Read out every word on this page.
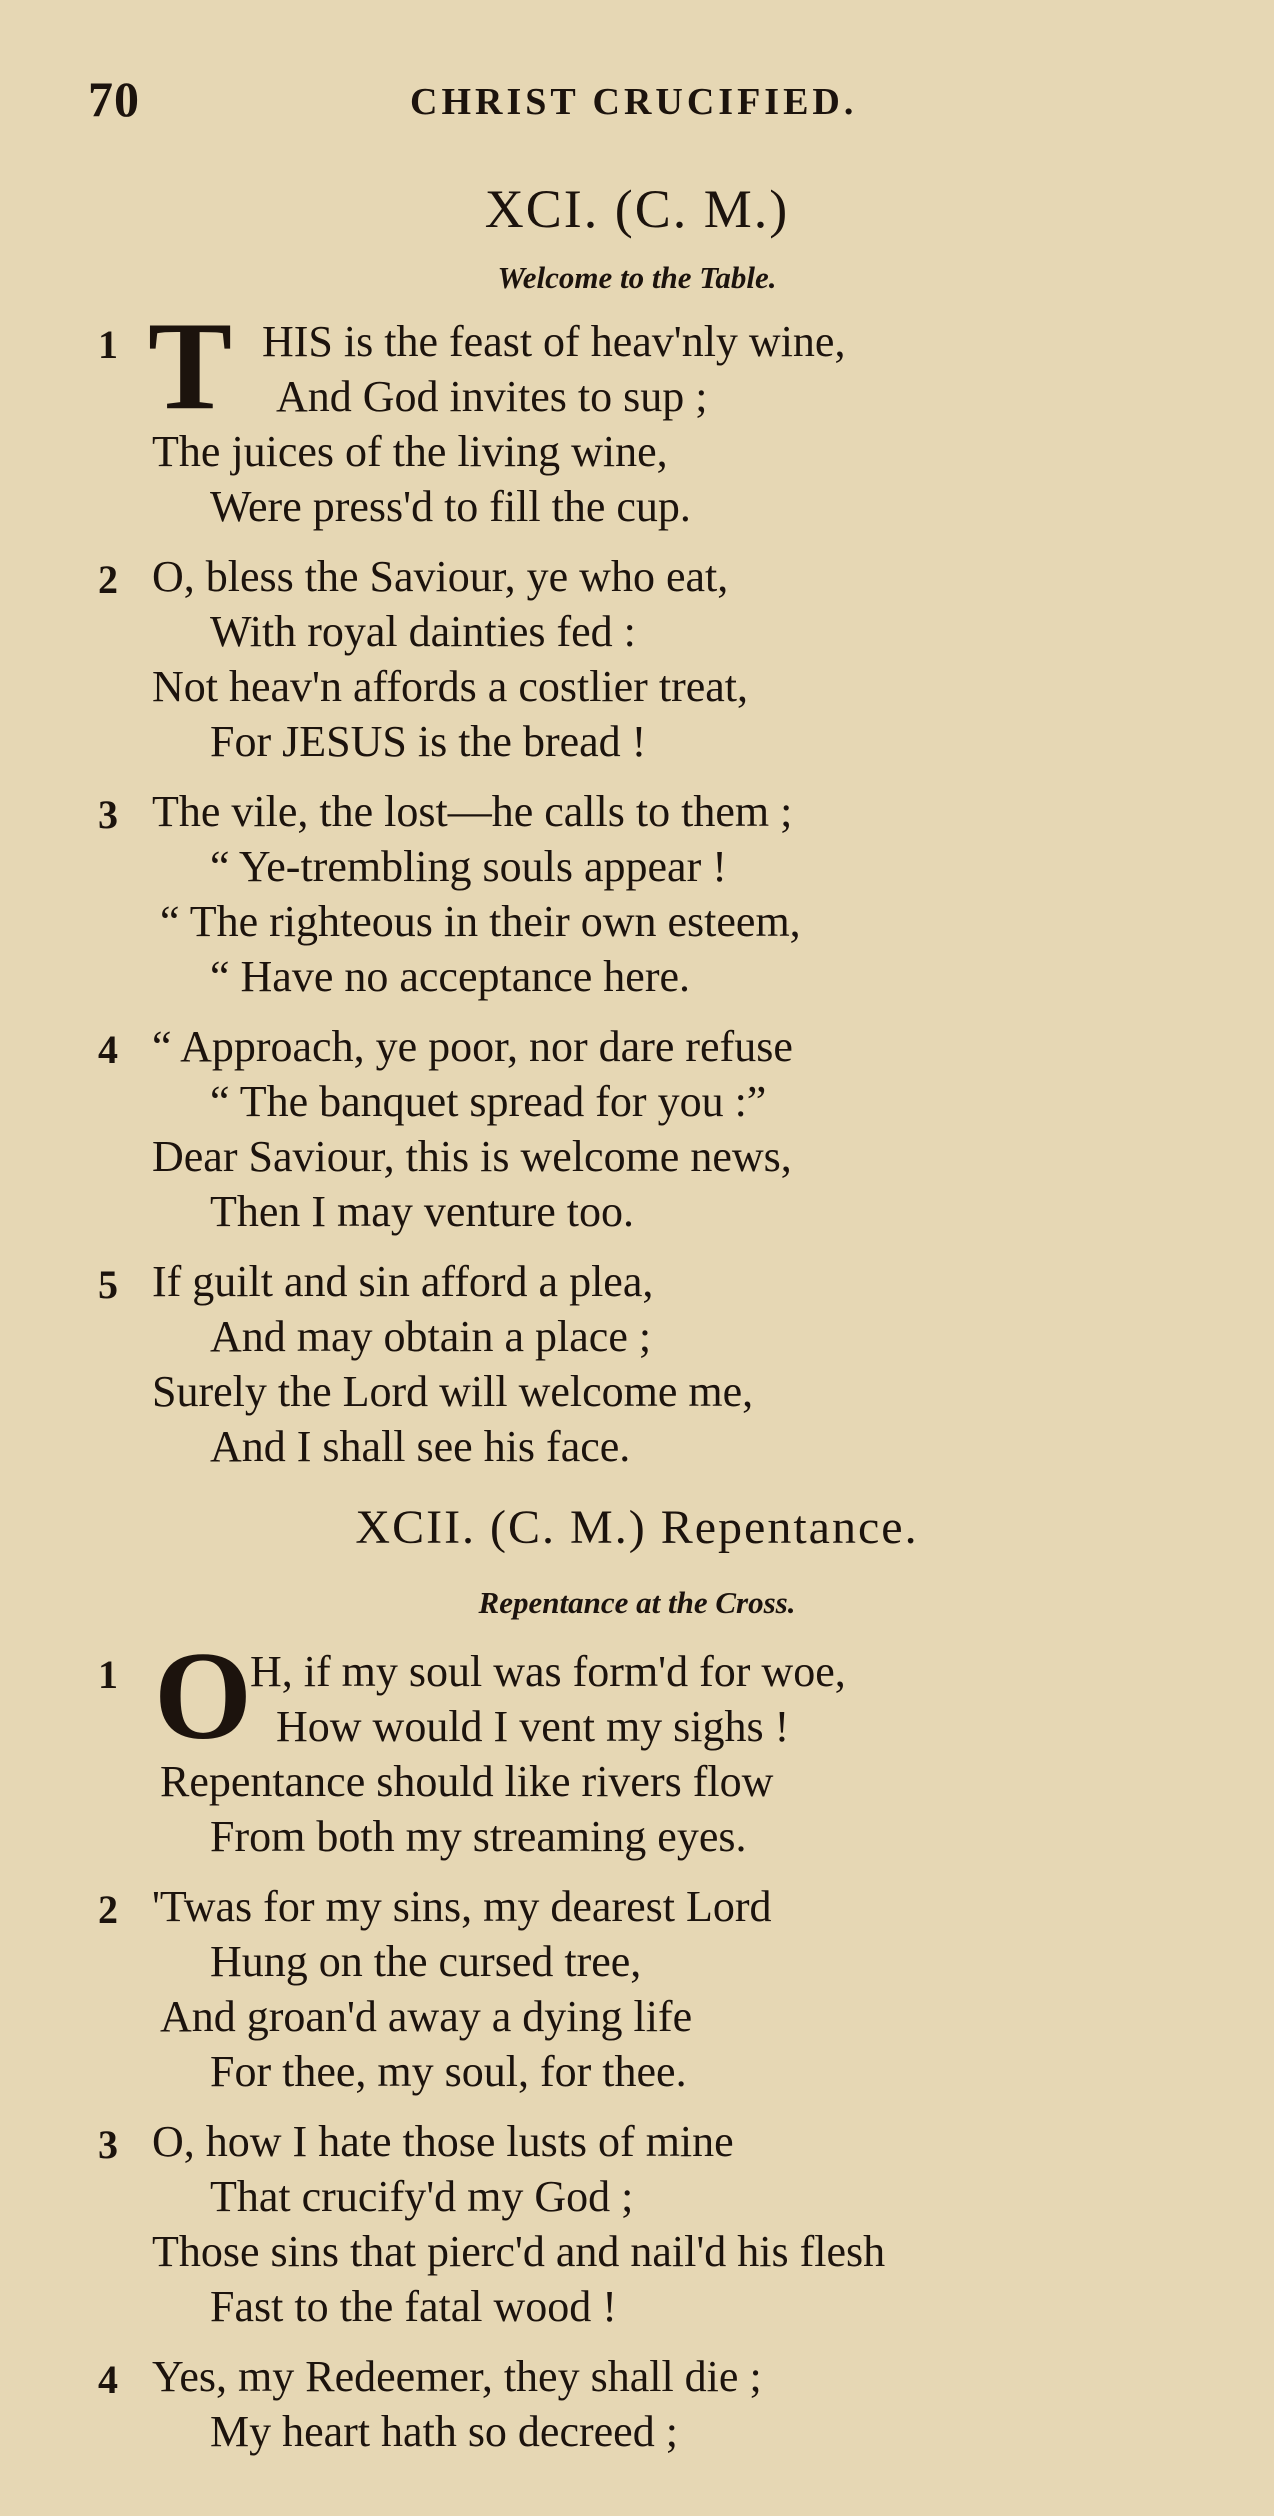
70	CHRIST CRUCIFIED.
XCI. (C. M.)
Welcome to the Table.
1 T HIS is the feast of heav'nly wine,
And God invites to sup ;
The juices of the living wine,
Were press'd to fill the cup.
2 O, bless the Saviour, ye who eat,
With royal dainties fed :
Not heav'n affords a costlier treat,
For JESUS is the bread !
3 The vile, the lost—he calls to them ;
“ Ye-trembling souls appear !
“ The righteous in their own esteem,
“ Have no acceptance here.
4 “ Approach, ye poor, nor dare refuse
“ The banquet spread for you :”
Dear Saviour, this is welcome news,
Then I may venture too.
5 If guilt and sin afford a plea,
And may obtain a place ;
Surely the Lord will welcome me,
And I shall see his face.
XCII. (C. M.) Repentance.
Repentance at the Cross.
1 O
H, if my soul was form'd for woe,
How would I vent my sighs !
Repentance should like rivers flow
From both my streaming eyes.
2 'Twas for my sins, my dearest Lord
Hung on the cursed tree,
And groan'd away a dying life
For thee, my soul, for thee.
3 O, how I hate those lusts of mine
That crucify'd my God ;
Those sins that pierc'd and nail'd his flesh
Fast to the fatal wood !
4 Yes, my Redeemer, they shall die ;
My heart hath so decreed ;
